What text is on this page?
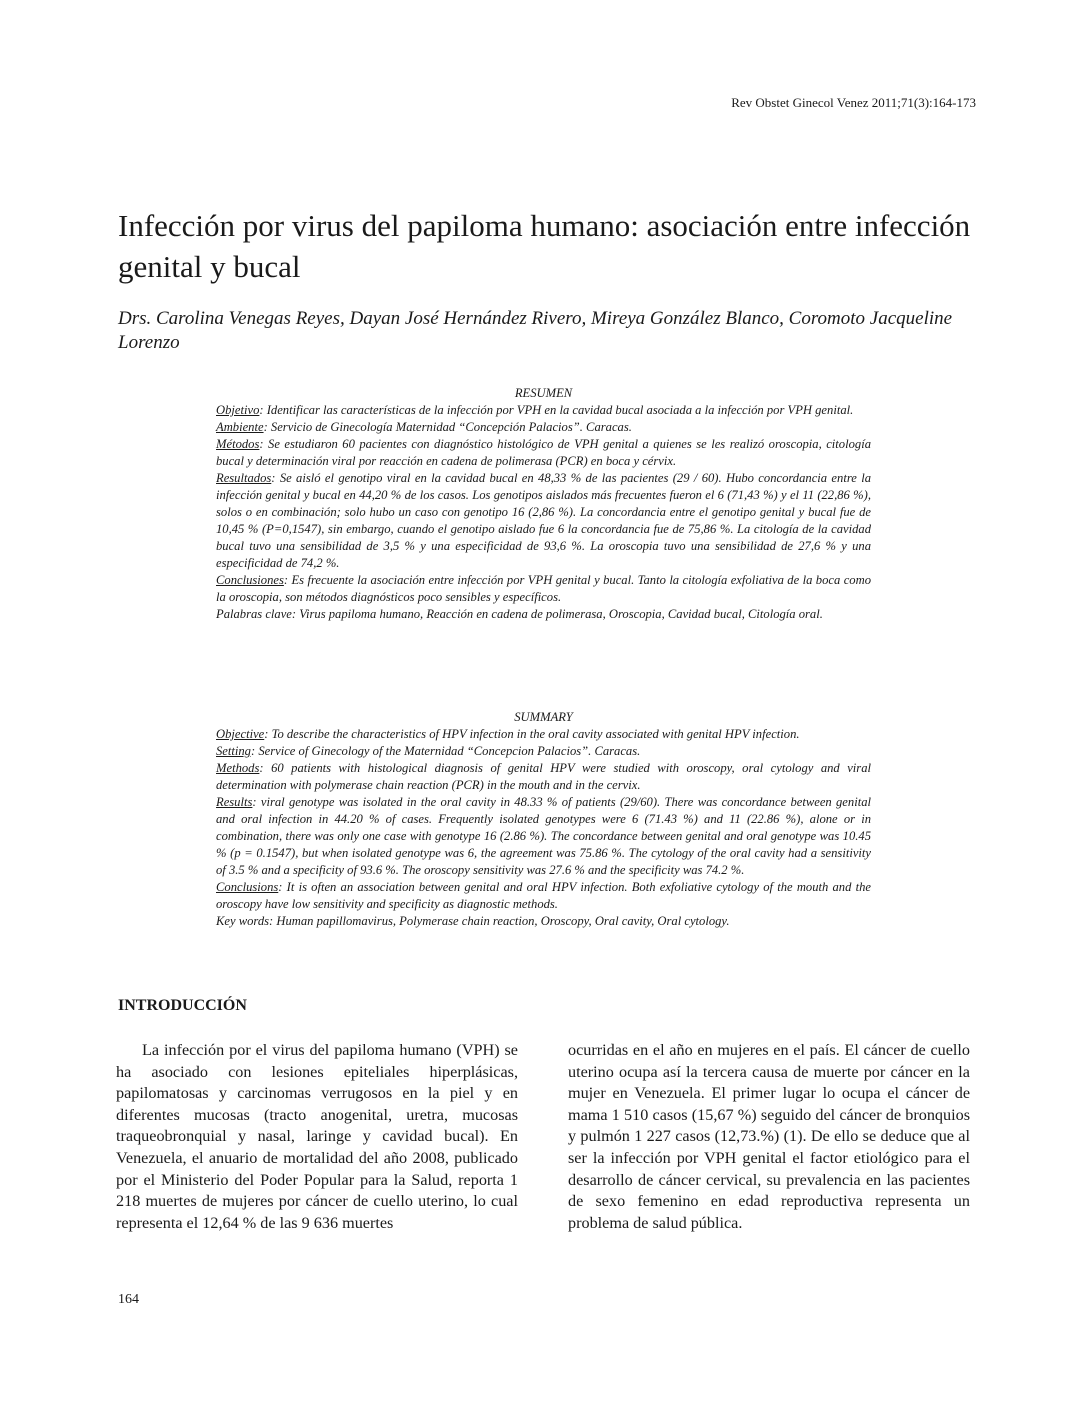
Rev Obstet Ginecol Venez 2011;71(3):164-173
Infección por virus del papiloma humano: asociación entre infección genital y bucal

Drs. Carolina Venegas Reyes, Dayan José Hernández Rivero, Mireya González Blanco, Coromoto Jacqueline Lorenzo

RESUMEN

Objetivo: Identificar las características de la infección por VPH en la cavidad bucal asociada a la infección por VPH genital.

Ambiente: Servicio de Ginecología Maternidad “Concepción Palacios”. Caracas.

Métodos: Se estudiaron 60 pacientes con diagnóstico histológico de VPH genital a quienes se les realizó oroscopia, citología bucal y determinación viral por reacción en cadena de polimerasa (PCR) en boca y cérvix.

Resultados: Se aisló el genotipo viral en la cavidad bucal en 48,33 % de las pacientes (29 / 60). Hubo concordancia entre la infección genital y bucal en 44,20 % de los casos. Los genotipos aislados más frecuentes fueron el 6 (71,43 %) y el 11 (22,86 %), solos o en combinación; solo hubo un caso con genotipo 16 (2,86 %). La concordancia entre el genotipo genital y bucal fue de 10,45 % (P=0,1547), sin embargo, cuando el genotipo aislado fue 6 la concordancia fue de 75,86 %. La citología de la cavidad bucal tuvo una sensibilidad de 3,5 % y una especificidad de 93,6 %. La oroscopia tuvo una sensibilidad de 27,6 % y una especificidad de 74,2 %.

Conclusiones: Es frecuente la asociación entre infección por VPH genital y bucal. Tanto la citología exfoliativa de la boca como la oroscopia, son métodos diagnósticos poco sensibles y específicos.

Palabras clave: Virus papiloma humano, Reacción en cadena de polimerasa, Oroscopia, Cavidad bucal, Citología oral.

SUMMARY

Objective: To describe the characteristics of HPV infection in the oral cavity associated with genital HPV infection.

Setting: Service of Ginecology of the Maternidad “Concepcion Palacios”. Caracas.

Methods: 60 patients with histological diagnosis of genital HPV were studied with oroscopy, oral cytology and viral determination with polymerase chain reaction (PCR) in the mouth and in the cervix.

Results: viral genotype was isolated in the oral cavity in 48.33 % of patients (29/60). There was concordance between genital and oral infection in 44.20 % of cases. Frequently isolated genotypes were 6 (71.43 %) and 11 (22.86 %), alone or in combination, there was only one case with genotype 16 (2.86 %). The concordance between genital and oral genotype was 10.45 % (p = 0.1547), but when isolated genotype was 6, the agreement was 75.86 %. The cytology of the oral cavity had a sensitivity of 3.5 % and a specificity of 93.6 %. The oroscopy sensitivity was 27.6 % and the specificity was 74.2 %.

Conclusions: It is often an association between genital and oral HPV infection. Both exfoliative cytology of the mouth and the oroscopy have low sensitivity and specificity as diagnostic methods.

Key words: Human papillomavirus, Polymerase chain reaction, Oroscopy, Oral cavity, Oral cytology.

INTRODUCCIÓN

La infección por el virus del papiloma humano (VPH) se ha asociado con lesiones epiteliales hiperplásicas, papilomatosas y carcinomas verrugosos en la piel y en diferentes mucosas (tracto anogenital, uretra, mucosas traqueobronquial y nasal, laringe y cavidad bucal). En Venezuela, el anuario de mortalidad del año 2008, publicado por el Ministerio del Poder Popular para la Salud, reporta 1 218 muertes de mujeres por cáncer de cuello uterino, lo cual representa el 12,64 % de las 9 636 muertes

ocurridas en el año en mujeres en el país. El cáncer de cuello uterino ocupa así la tercera causa de muerte por cáncer en la mujer en Venezuela. El primer lugar lo ocupa el cáncer de mama 1 510 casos (15,67 %) seguido del cáncer de bronquios y pulmón 1 227 casos (12,73.%) (1). De ello se deduce que al ser la infección por VPH genital el factor etiológico para el desarrollo de cáncer cervical, su prevalencia en las pacientes de sexo femenino en edad reproductiva representa un problema de salud pública.

164
